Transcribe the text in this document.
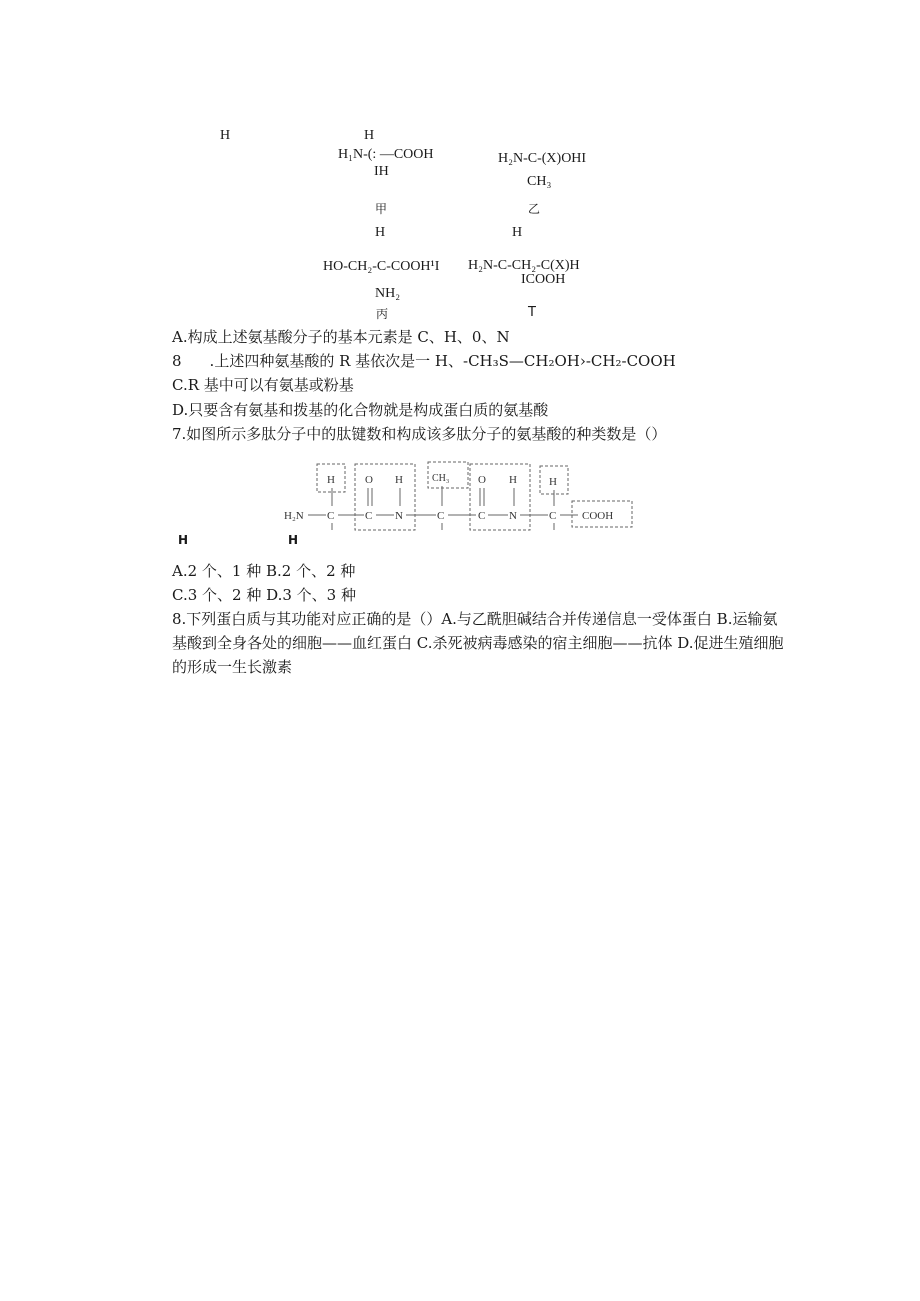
H	H
H₁N-(: —COOH
IH
甲
H₂N-C-(X)OHI
CH₃
乙
H
HO-CH₂-C-COOH¹I
NH₂
丙
H
H₂N-C-CH₂-C(X)H
ICOOH
T
A.构成上述氨基酸分子的基本元素是 C、H、0、N
8 .上述四种氨基酸的 R 基依次是一 H、-CH₃S—CH₂OH›-CH₂-COOH
C.R 基中可以有氨基或粉基
D.只要含有氨基和拨基的化合物就是构成蛋白质的氨基酸
7.如图所示多肽分子中的肽键数和构成该多肽分子的氨基酸的种类数是（）
H₂N C
H	O
C
H
N
CH₃
C
O
C
H
N
H
C COOH
H	H
A.2 个、1 种 B.2 个、2 种
C.3 个、2 种 D.3 个、3 种
8.下列蛋白质与其功能对应正确的是（）A.与乙酰胆碱结合并传递信息一受体蛋白 B.运输氨基酸到全身各处的细胞——血红蛋白 C.杀死被病毒感染的宿主细胞——抗体 D.促进生殖细胞的形成一生长激素
